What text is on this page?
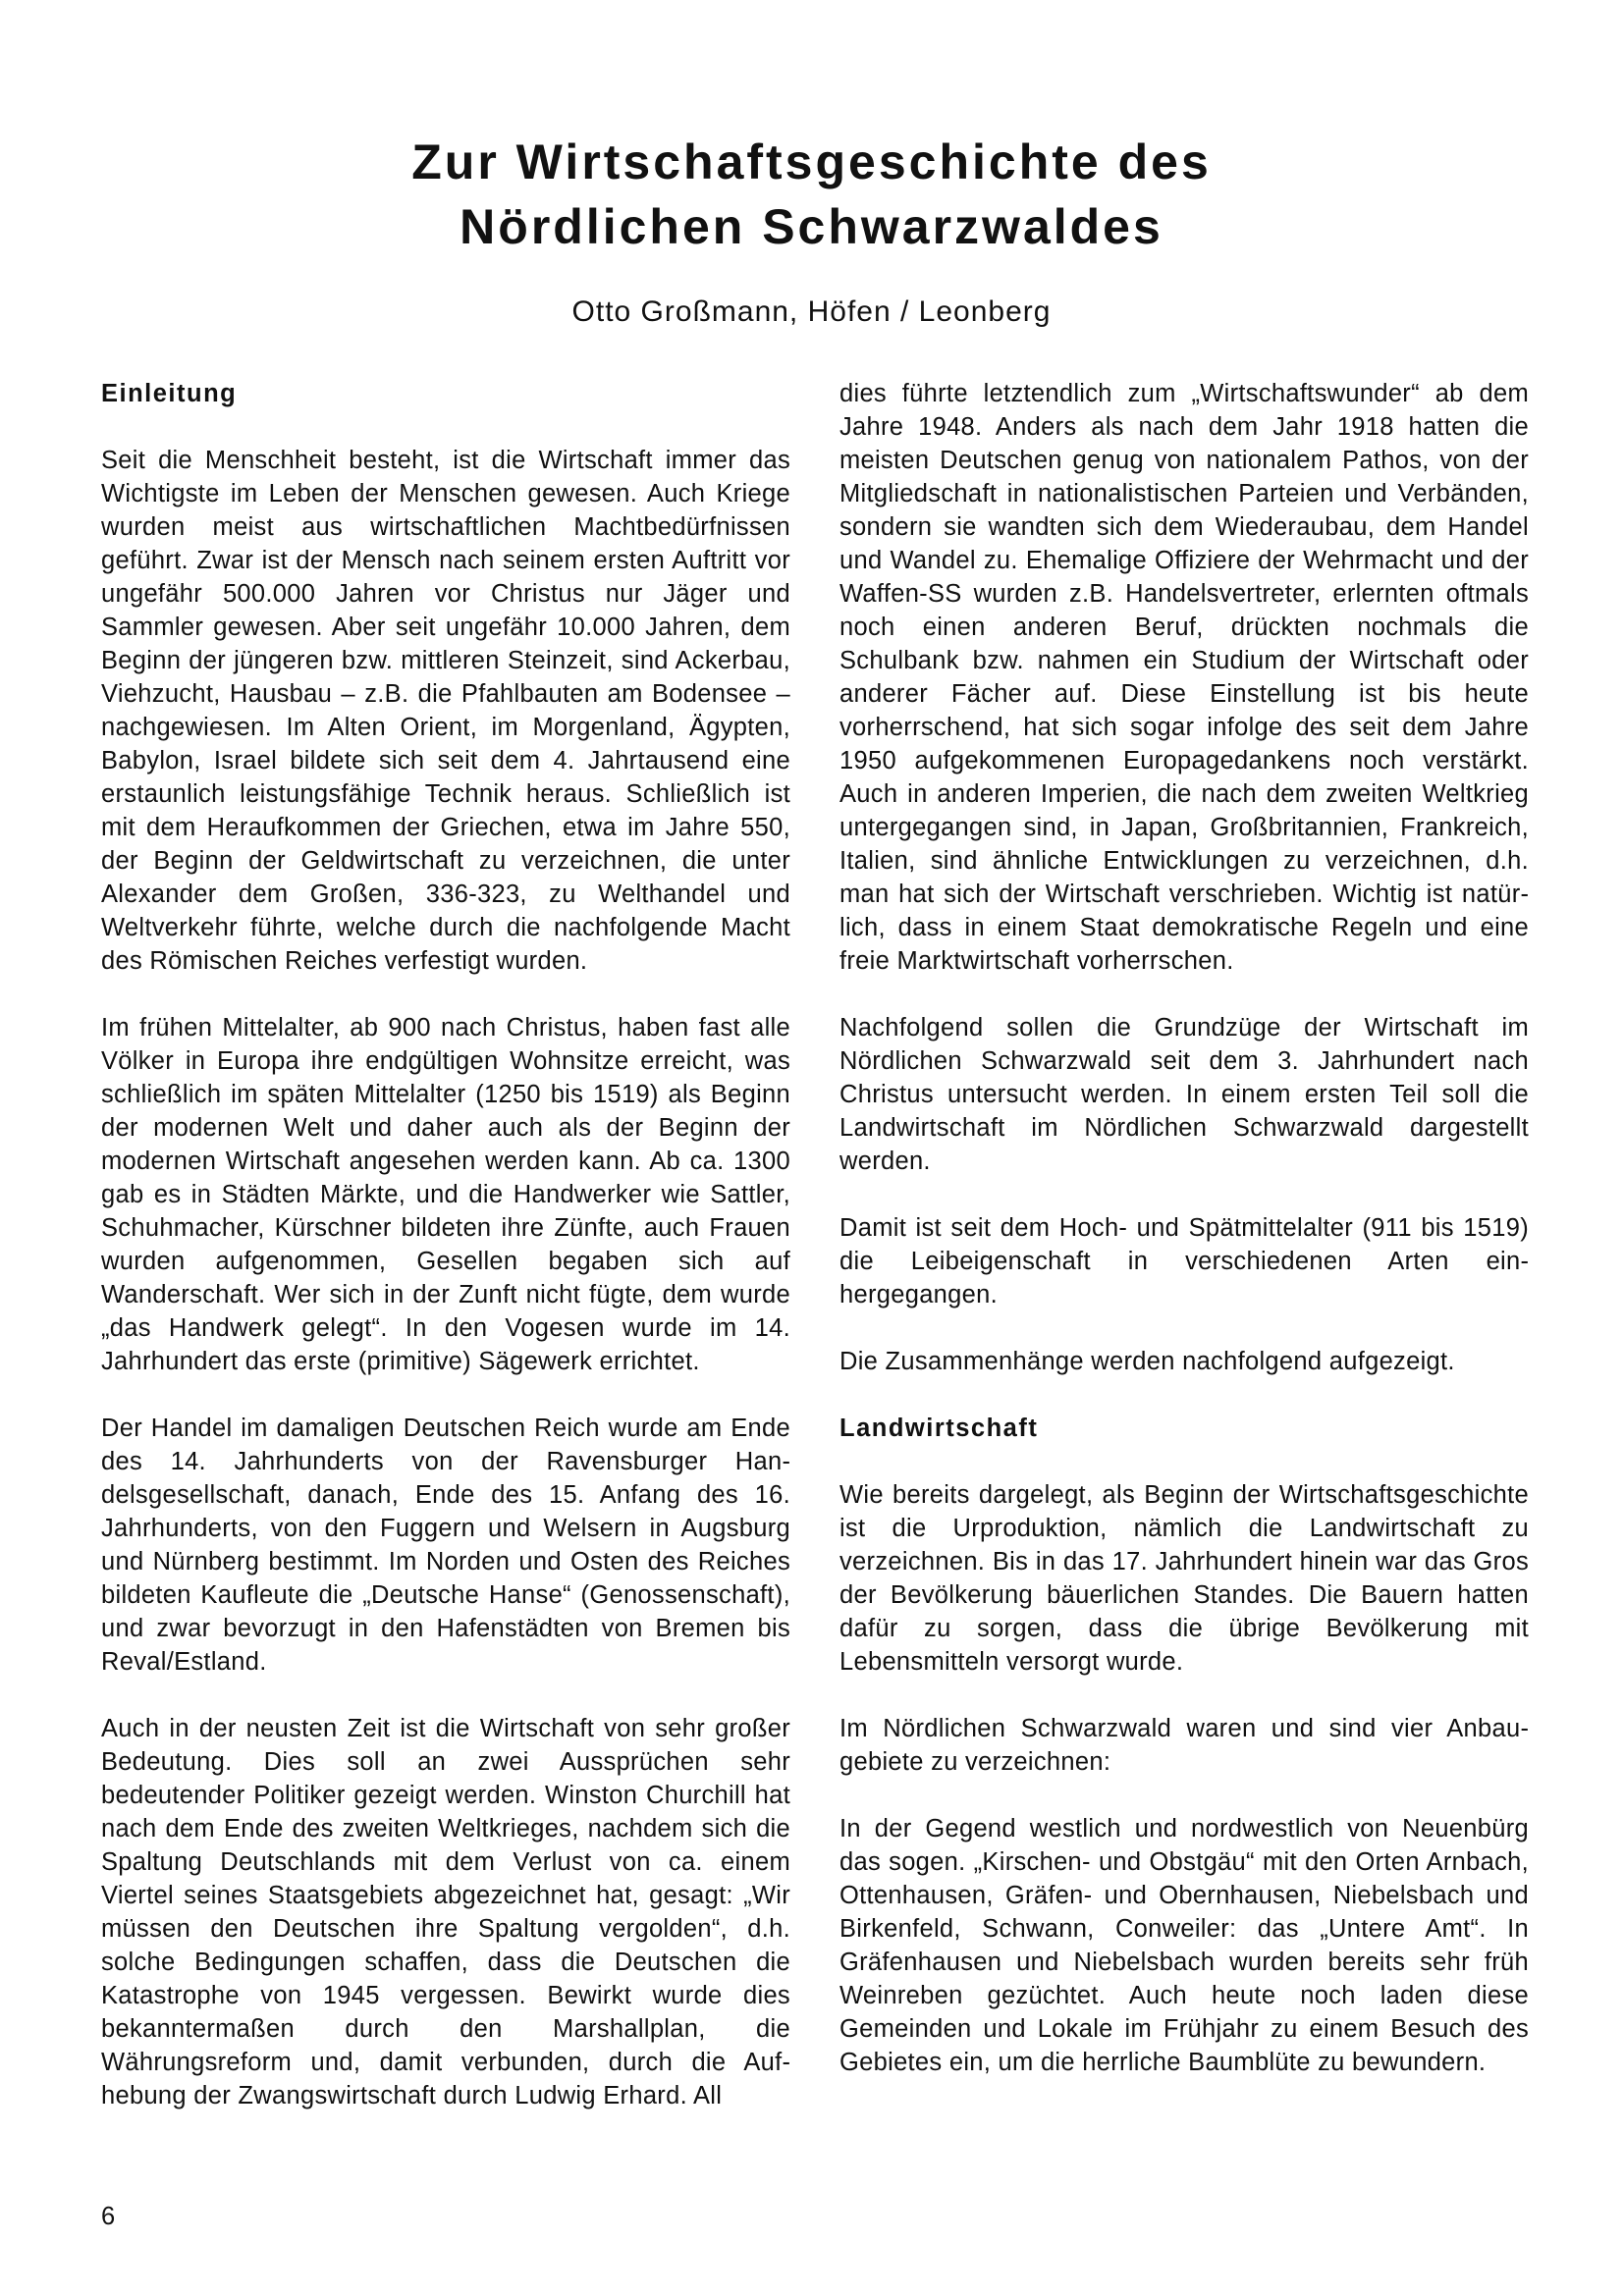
Zur Wirtschaftsgeschichte des
Nördlichen Schwarzwaldes

Otto Großmann, Höfen / Leonberg

Einleitung

Seit die Menschheit besteht, ist die Wirtschaft immer das Wichtigste im Leben der Menschen gewesen. Auch Kriege wurden meist aus wirtschaftlichen Machtbedürfnissen geführt. Zwar ist der Mensch nach seinem ersten Auftritt vor ungefähr 500.000 Jahren vor Christus nur Jäger und Sammler gewesen. Aber seit ungefähr 10.000 Jahren, dem Beginn der jüngeren bzw. mittleren Steinzeit, sind Ackerbau, Viehzucht, Hausbau – z.B. die Pfahlbauten am Bodensee – nachgewiesen. Im Alten Orient, im Morgenland, Ägypten, Babylon, Israel bildete sich seit dem 4. Jahrtausend eine erstaunlich leistungsfähige Technik heraus. Schließlich ist mit dem Heraufkommen der Griechen, etwa im Jahre 550, der Beginn der Geldwirtschaft zu verzeichnen, die unter Alexander dem Großen, 336-323, zu Welthandel und Weltverkehr führte, welche durch die nachfolgende Macht des Römischen Reiches verfestigt wurden.

Im frühen Mittelalter, ab 900 nach Christus, haben fast alle Völker in Europa ihre endgültigen Wohnsitze erreicht, was schließlich im späten Mittelalter (1250 bis 1519) als Beginn der modernen Welt und daher auch als der Beginn der modernen Wirtschaft angesehen werden kann. Ab ca. 1300 gab es in Städten Märkte, und die Handwerker wie Sattler, Schuhmacher, Kürschner bildeten ihre Zünfte, auch Frauen wurden aufgenommen, Gesellen begaben sich auf Wanderschaft. Wer sich in der Zunft nicht fügte, dem wurde „das Handwerk gelegt“. In den Vogesen wurde im 14. Jahrhundert das erste (primitive) Sägewerk errichtet.

Der Handel im damaligen Deutschen Reich wurde am Ende des 14. Jahrhunderts von der Ravensburger Handelsgesellschaft, danach, Ende des 15. Anfang des 16. Jahrhunderts, von den Fuggern und Welsern in Augsburg und Nürnberg bestimmt. Im Norden und Osten des Reiches bildeten Kaufleute die „Deutsche Hanse“ (Genossenschaft), und zwar bevorzugt in den Hafenstädten von Bremen bis Reval/Estland.

Auch in der neusten Zeit ist die Wirtschaft von sehr großer Bedeutung. Dies soll an zwei Aussprüchen sehr bedeutender Politiker gezeigt werden. Winston Churchill hat nach dem Ende des zweiten Weltkrieges, nachdem sich die Spaltung Deutschlands mit dem Verlust von ca. einem Viertel seines Staatsgebiets abgezeichnet hat, gesagt: „Wir müssen den Deutschen ihre Spaltung vergolden“, d.h. solche Bedingungen schaffen, dass die Deutschen die Katastrophe von 1945 vergessen. Bewirkt wurde dies bekanntermaßen durch den Marshallplan, die Währungsreform und, damit verbunden, durch die Aufhebung der Zwangswirtschaft durch Ludwig Erhard. All

dies führte letztendlich zum „Wirtschaftswunder“ ab dem Jahre 1948. Anders als nach dem Jahr 1918 hatten die meisten Deutschen genug von nationalem Pathos, von der Mitgliedschaft in nationalistischen Parteien und Verbänden, sondern sie wandten sich dem Wiederaubau, dem Handel und Wandel zu. Ehemalige Offiziere der Wehrmacht und der Waffen-SS wurden z.B. Handelsvertreter, erlernten oftmals noch einen anderen Beruf, drückten nochmals die Schulbank bzw. nahmen ein Studium der Wirtschaft oder anderer Fächer auf. Diese Einstellung ist bis heute vorherrschend, hat sich sogar infolge des seit dem Jahre 1950 aufgekommenen Europagedankens noch verstärkt. Auch in anderen Imperien, die nach dem zweiten Weltkrieg untergegangen sind, in Japan, Großbritannien, Frankreich, Italien, sind ähnliche Entwicklungen zu verzeichnen, d.h. man hat sich der Wirtschaft verschrieben. Wichtig ist natürlich, dass in einem Staat demokratische Regeln und eine freie Marktwirtschaft vorherrschen.

Nachfolgend sollen die Grundzüge der Wirtschaft im Nördlichen Schwarzwald seit dem 3. Jahrhundert nach Christus untersucht werden. In einem ersten Teil soll die Landwirtschaft im Nördlichen Schwarzwald dargestellt werden.

Damit ist seit dem Hoch- und Spätmittelalter (911 bis 1519) die Leibeigenschaft in verschiedenen Arten einhergegangen.

Die Zusammenhänge werden nachfolgend aufgezeigt.

Landwirtschaft

Wie bereits dargelegt, als Beginn der Wirtschaftsgeschichte ist die Urproduktion, nämlich die Landwirtschaft zu verzeichnen. Bis in das 17. Jahrhundert hinein war das Gros der Bevölkerung bäuerlichen Standes. Die Bauern hatten dafür zu sorgen, dass die übrige Bevölkerung mit Lebensmitteln versorgt wurde.

Im Nördlichen Schwarzwald waren und sind vier Anbaugebiete zu verzeichnen:

In der Gegend westlich und nordwestlich von Neuenbürg das sogen. „Kirschen- und Obstgäu“ mit den Orten Arnbach, Ottenhausen, Gräfen- und Obernhausen, Niebelsbach und Birkenfeld, Schwann, Conweiler: das „Untere Amt“. In Gräfenhausen und Niebelsbach wurden bereits sehr früh Weinreben gezüchtet. Auch heute noch laden diese Gemeinden und Lokale im Frühjahr zu einem Besuch des Gebietes ein, um die herrliche Baumblüte zu bewundern.

6
